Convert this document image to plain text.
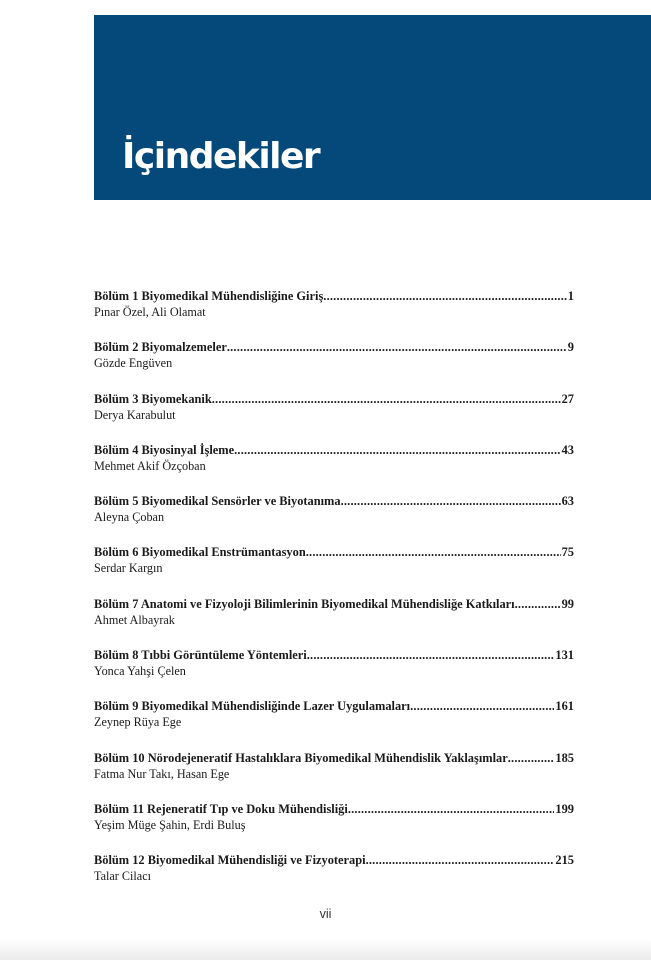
İçindekiler
Bölüm 1 Biyomedikal Mühendisliğine Giriş .....	1
Pınar Özel, Ali Olamat
Bölüm 2 Biyomalzemeler .....	9
Gözde Engüven
Bölüm 3 Biyomekanik .....	27
Derya Karabulut
Bölüm 4 Biyosinyal İşleme .....	43
Mehmet Akif Özçoban
Bölüm 5 Biyomedikal Sensörler ve Biyotanıma .....	63
Aleyna Çoban
Bölüm 6 Biyomedikal Enstrümantasyon .....	75
Serdar Kargın
Bölüm 7 Anatomi ve Fizyoloji Bilimlerinin Biyomedikal Mühendisliğe Katkıları .....	99
Ahmet Albayrak
Bölüm 8 Tıbbi Görüntüleme Yöntemleri .....	131
Yonca Yahşi Çelen
Bölüm 9 Biyomedikal Mühendisliğinde Lazer Uygulamaları .....	161
Zeynep Rüya Ege
Bölüm 10 Nörodejeneratif Hastalıklara Biyomedikal Mühendislik Yaklaşımlar .....	185
Fatma Nur Takı, Hasan Ege
Bölüm 11 Rejeneratif Tıp ve Doku Mühendisliği .....	199
Yeşim Müge Şahin, Erdi Buluş
Bölüm 12 Biyomedikal Mühendisliği ve Fizyoterapi .....	215
Talar Cilacı
vii
